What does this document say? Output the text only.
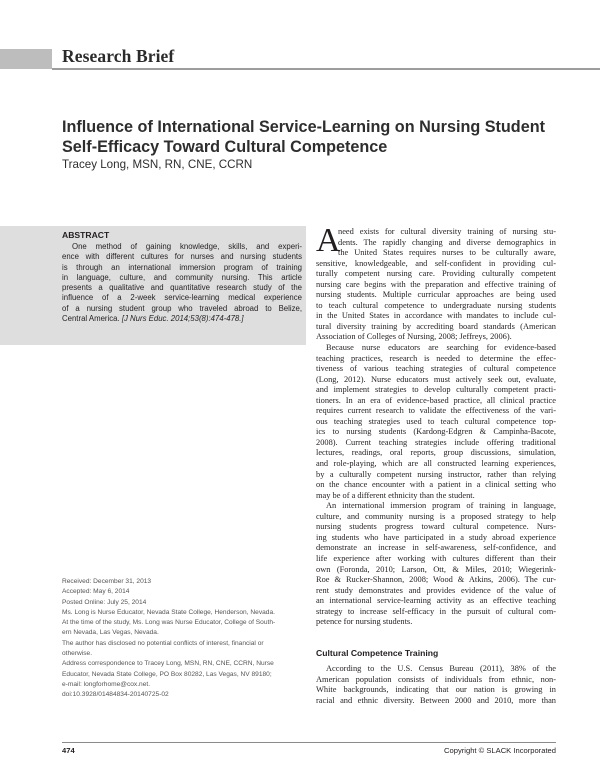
Research Brief
Influence of International Service-Learning on Nursing Student
Self-Efficacy Toward Cultural Competence
Tracey Long, MSN, RN, CNE, CCRN
ABSTRACT
One method of gaining knowledge, skills, and experi-
ence with different cultures for nurses and nursing students
is through an international immersion program of training
in language, culture, and community nursing. This article
presents a qualitative and quantitative research study of the
influence of a 2-week service-learning medical experience
of a nursing student group who traveled abroad to Belize,
Central America. [J Nurs Educ. 2014;53(8):474-478.]
Received: December 31, 2013
Accepted: May 6, 2014
Posted Online: July 25, 2014
Ms. Long is Nurse Educator, Nevada State College, Henderson, Nevada.
At the time of the study, Ms. Long was Nurse Educator, College of South-
ern Nevada, Las Vegas, Nevada.
The author has disclosed no potential conflicts of interest, financial or
otherwise.
Address correspondence to Tracey Long, MSN, RN, CNE, CCRN, Nurse
Educator, Nevada State College, PO Box 80282, Las Vegas, NV 89180;
e-mail: longforhome@cox.net.
doi:10.3928/01484834-20140725-02
A
need exists for cultural diversity training of nursing stu-
dents. The rapidly changing and diverse demographics in
the United States requires nurses to be culturally aware,
sensitive, knowledgeable, and self-confident in providing cul-
turally competent nursing care. Providing culturally competent
nursing care begins with the preparation and effective training of
nursing students. Multiple curricular approaches are being used
to teach cultural competence to undergraduate nursing students
in the United States in accordance with mandates to include cul-
tural diversity training by accrediting board standards (American
Association of Colleges of Nursing, 2008; Jeffreys, 2006).
Because nurse educators are searching for evidence-based
teaching practices, research is needed to determine the effec-
tiveness of various teaching strategies of cultural competence
(Long, 2012). Nurse educators must actively seek out, evaluate,
and implement strategies to develop culturally competent practi-
tioners. In an era of evidence-based practice, all clinical practice
requires current research to validate the effectiveness of the vari-
ous teaching strategies used to teach cultural competence top-
ics to nursing students (Kardong-Edgren & Campinha-Bacote,
2008). Current teaching strategies include offering traditional
lectures, readings, oral reports, group discussions, simulation,
and role-playing, which are all constructed learning experiences,
by a culturally competent nursing instructor, rather than relying
on the chance encounter with a patient in a clinical setting who
may be of a different ethnicity than the student.
An international immersion program of training in language,
culture, and community nursing is a proposed strategy to help
nursing students progress toward cultural competence. Nurs-
ing students who have participated in a study abroad experience
demonstrate an increase in self-awareness, self-confidence, and
life experience after working with cultures different than their
own (Foronda, 2010; Larson, Ott, & Miles, 2010; Wiegerink-
Roe & Rucker-Shannon, 2008; Wood & Atkins, 2006). The cur-
rent study demonstrates and provides evidence of the value of
an international service-learning activity as an effective teaching
strategy to increase self-efficacy in the pursuit of cultural com-
petence for nursing students.
Cultural Competence Training
According to the U.S. Census Bureau (2011), 38% of the
American population consists of individuals from ethnic, non-
White backgrounds, indicating that our nation is growing in
racial and ethnic diversity. Between 2000 and 2010, more than
474	Copyright © SLACK Incorporated
